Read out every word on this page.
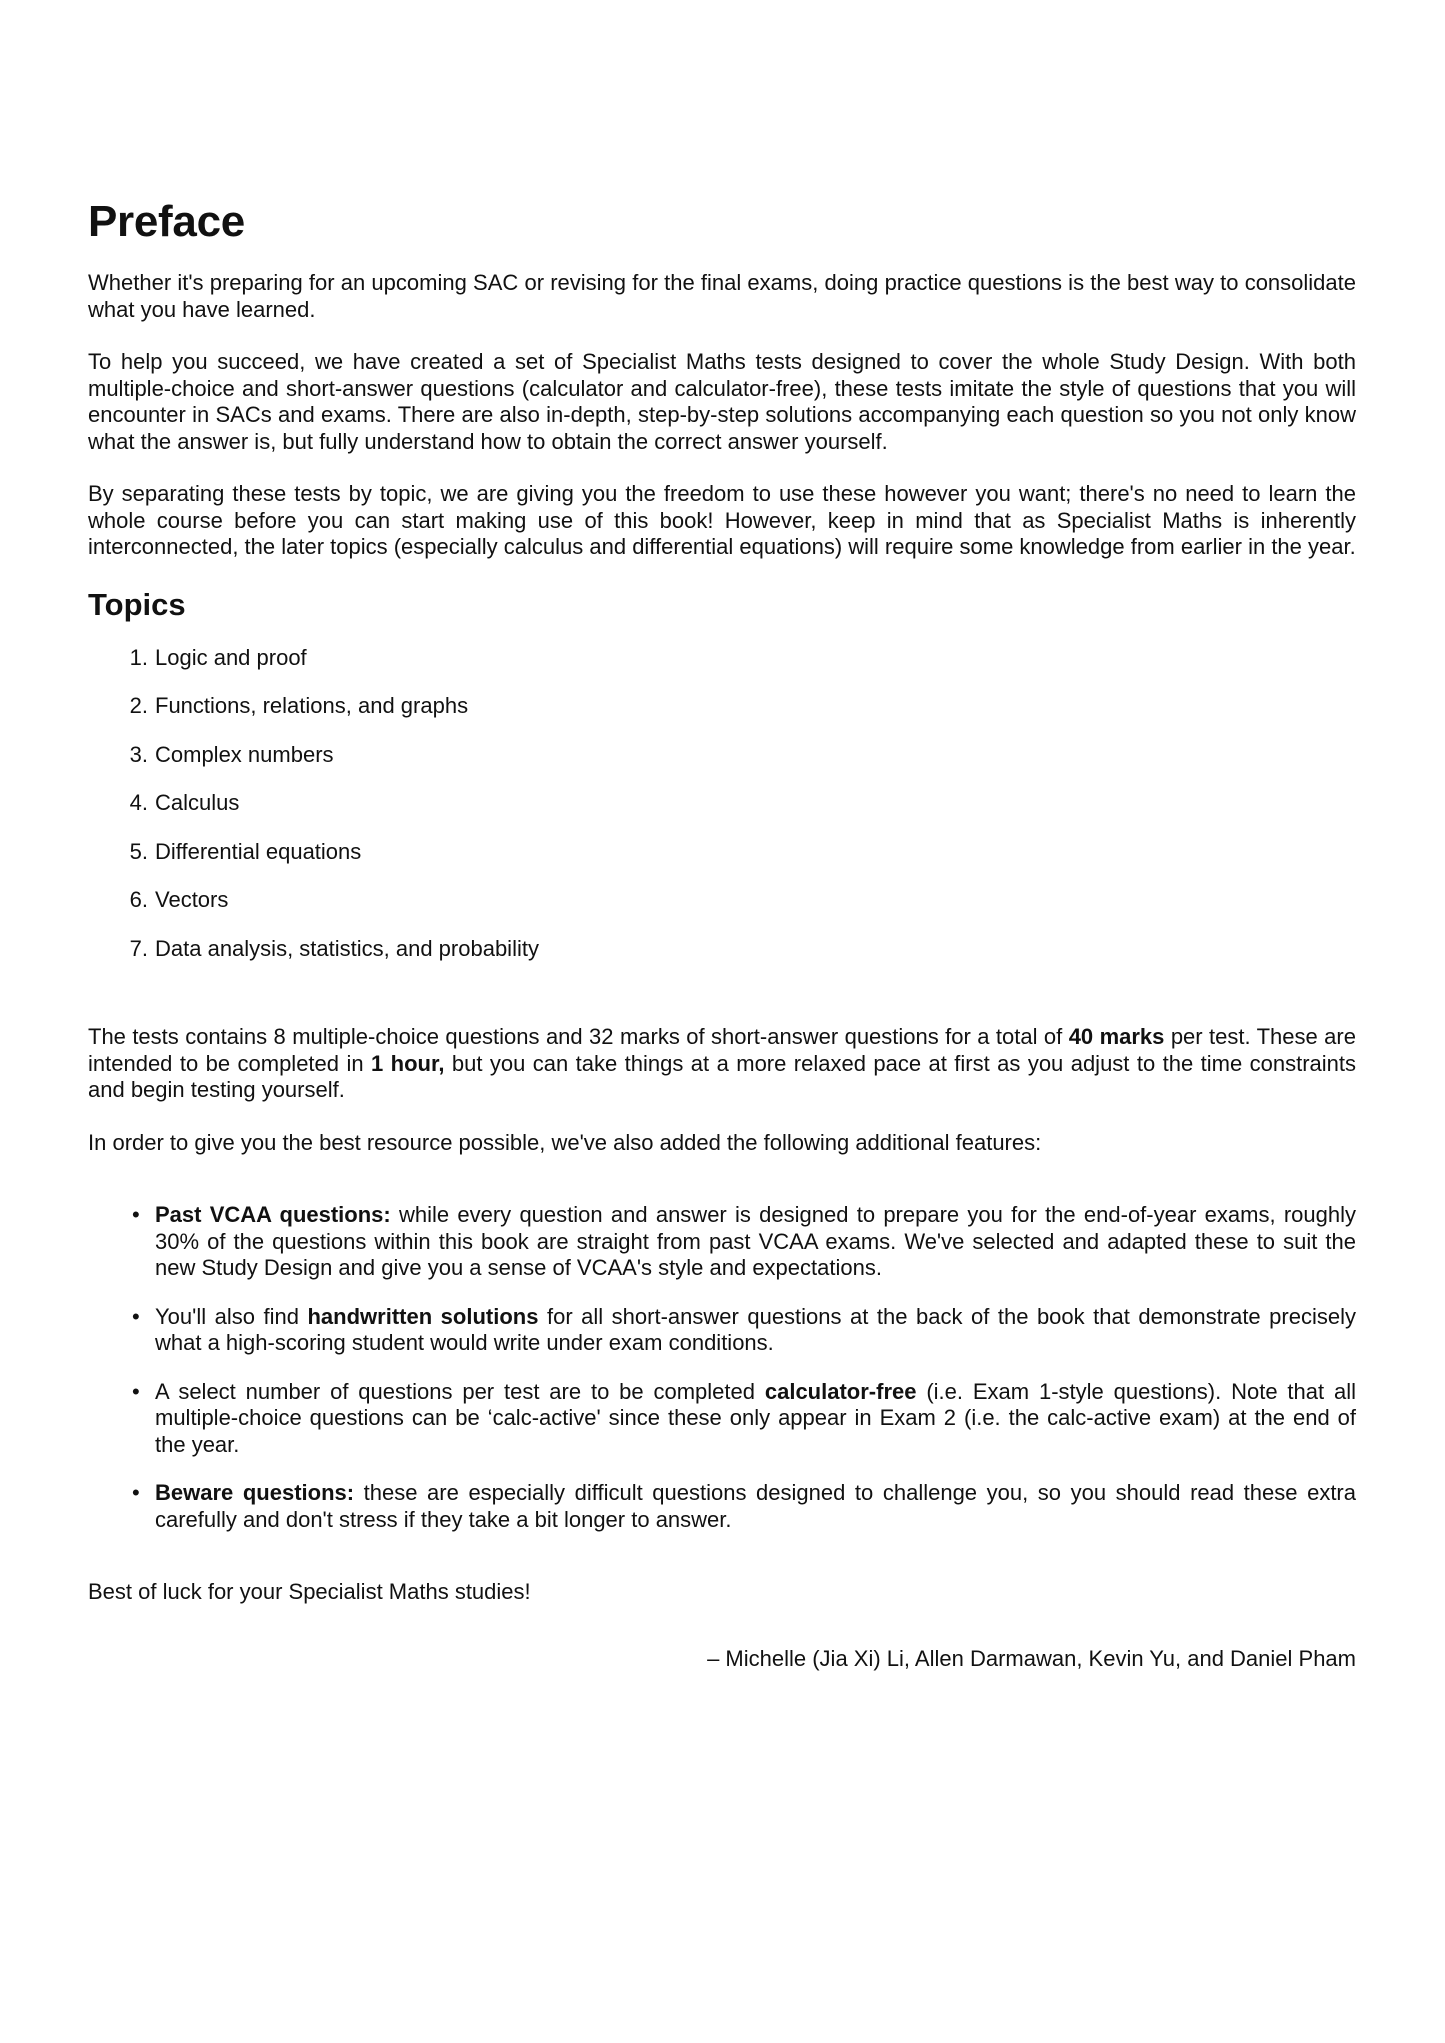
Preface

Whether it's preparing for an upcoming SAC or revising for the final exams, doing practice questions is the best way to consolidate what you have learned.

To help you succeed, we have created a set of Specialist Maths tests designed to cover the whole Study Design. With both multiple-choice and short-answer questions (calculator and calculator-free), these tests imitate the style of questions that you will encounter in SACs and exams. There are also in-depth, step-by-step solutions accompanying each question so you not only know what the answer is, but fully understand how to obtain the correct answer yourself.

By separating these tests by topic, we are giving you the freedom to use these however you want; there's no need to learn the whole course before you can start making use of this book! However, keep in mind that as Specialist Maths is inherently interconnected, the later topics (especially calculus and differential equations) will require some knowledge from earlier in the year.

Topics
1. Logic and proof
2. Functions, relations, and graphs
3. Complex numbers
4. Calculus
5. Differential equations
6. Vectors
7. Data analysis, statistics, and probability

The tests contains 8 multiple-choice questions and 32 marks of short-answer questions for a total of 40 marks per test. These are intended to be completed in 1 hour, but you can take things at a more relaxed pace at first as you adjust to the time constraints and begin testing yourself.

In order to give you the best resource possible, we've also added the following additional features:

• Past VCAA questions: while every question and answer is designed to prepare you for the end-of-year exams, roughly 30% of the questions within this book are straight from past VCAA exams. We've selected and adapted these to suit the new Study Design and give you a sense of VCAA's style and expectations.
• You'll also find handwritten solutions for all short-answer questions at the back of the book that demonstrate precisely what a high-scoring student would write under exam conditions.
• A select number of questions per test are to be completed calculator-free (i.e. Exam 1-style questions). Note that all multiple-choice questions can be ‘calc-active' since these only appear in Exam 2 (i.e. the calc-active exam) at the end of the year.
• Beware questions: these are especially difficult questions designed to challenge you, so you should read these extra carefully and don't stress if they take a bit longer to answer.

Best of luck for your Specialist Maths studies!

– Michelle (Jia Xi) Li, Allen Darmawan, Kevin Yu, and Daniel Pham
